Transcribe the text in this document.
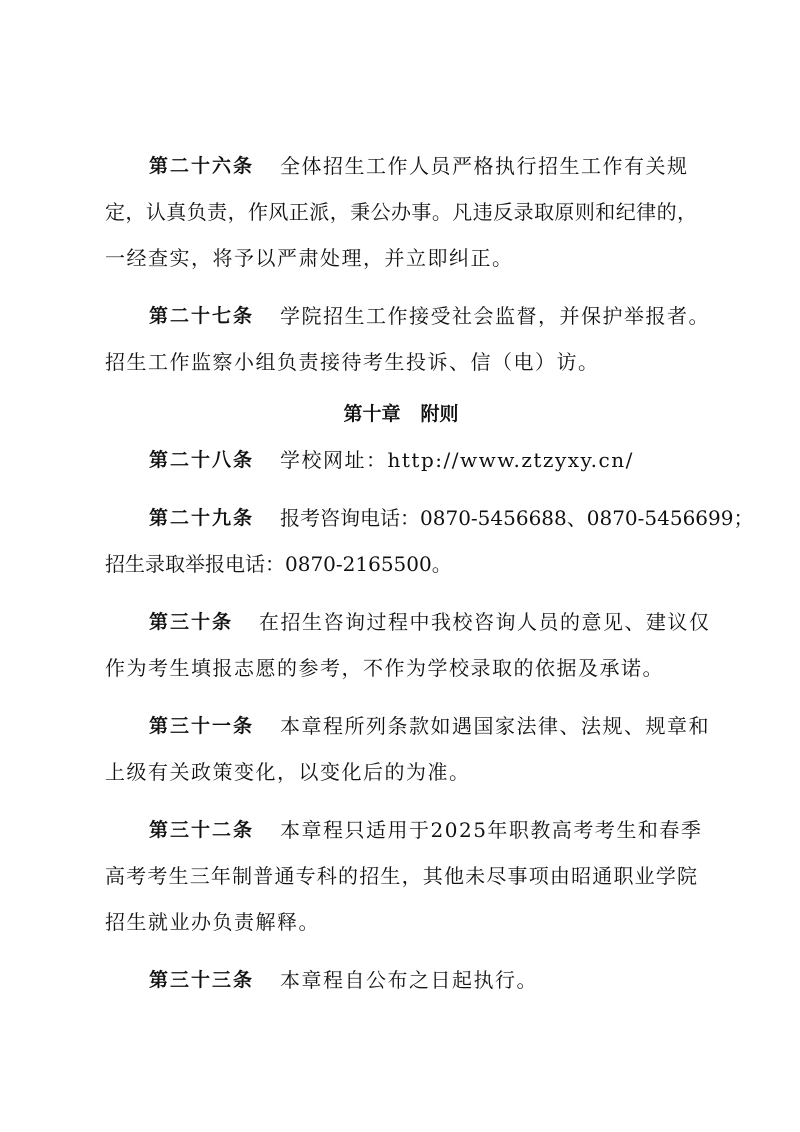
第二十六条 全体招生工作人员严格执行招生工作有关规
定，认真负责，作风正派，秉公办事。凡违反录取原则和纪律的，
一经查实，将予以严肃处理，并立即纠正。
第二十七条 学院招生工作接受社会监督，并保护举报者。
招生工作监察小组负责接待考生投诉、信（电）访。
第十章 附则
第二十八条 学校网址：http://www.ztzyxy.cn/
第二十九条 报考咨询电话：0870-5456688、0870-5456699；
招生录取举报电话：0870-2165500。
第三十条 在招生咨询过程中我校咨询人员的意见、建议仅
作为考生填报志愿的参考，不作为学校录取的依据及承诺。
第三十一条 本章程所列条款如遇国家法律、法规、规章和
上级有关政策变化，以变化后的为准。
第三十二条 本章程只适用于2025年职教高考考生和春季
高考考生三年制普通专科的招生，其他未尽事项由昭通职业学院
招生就业办负责解释。
第三十三条 本章程自公布之日起执行。
